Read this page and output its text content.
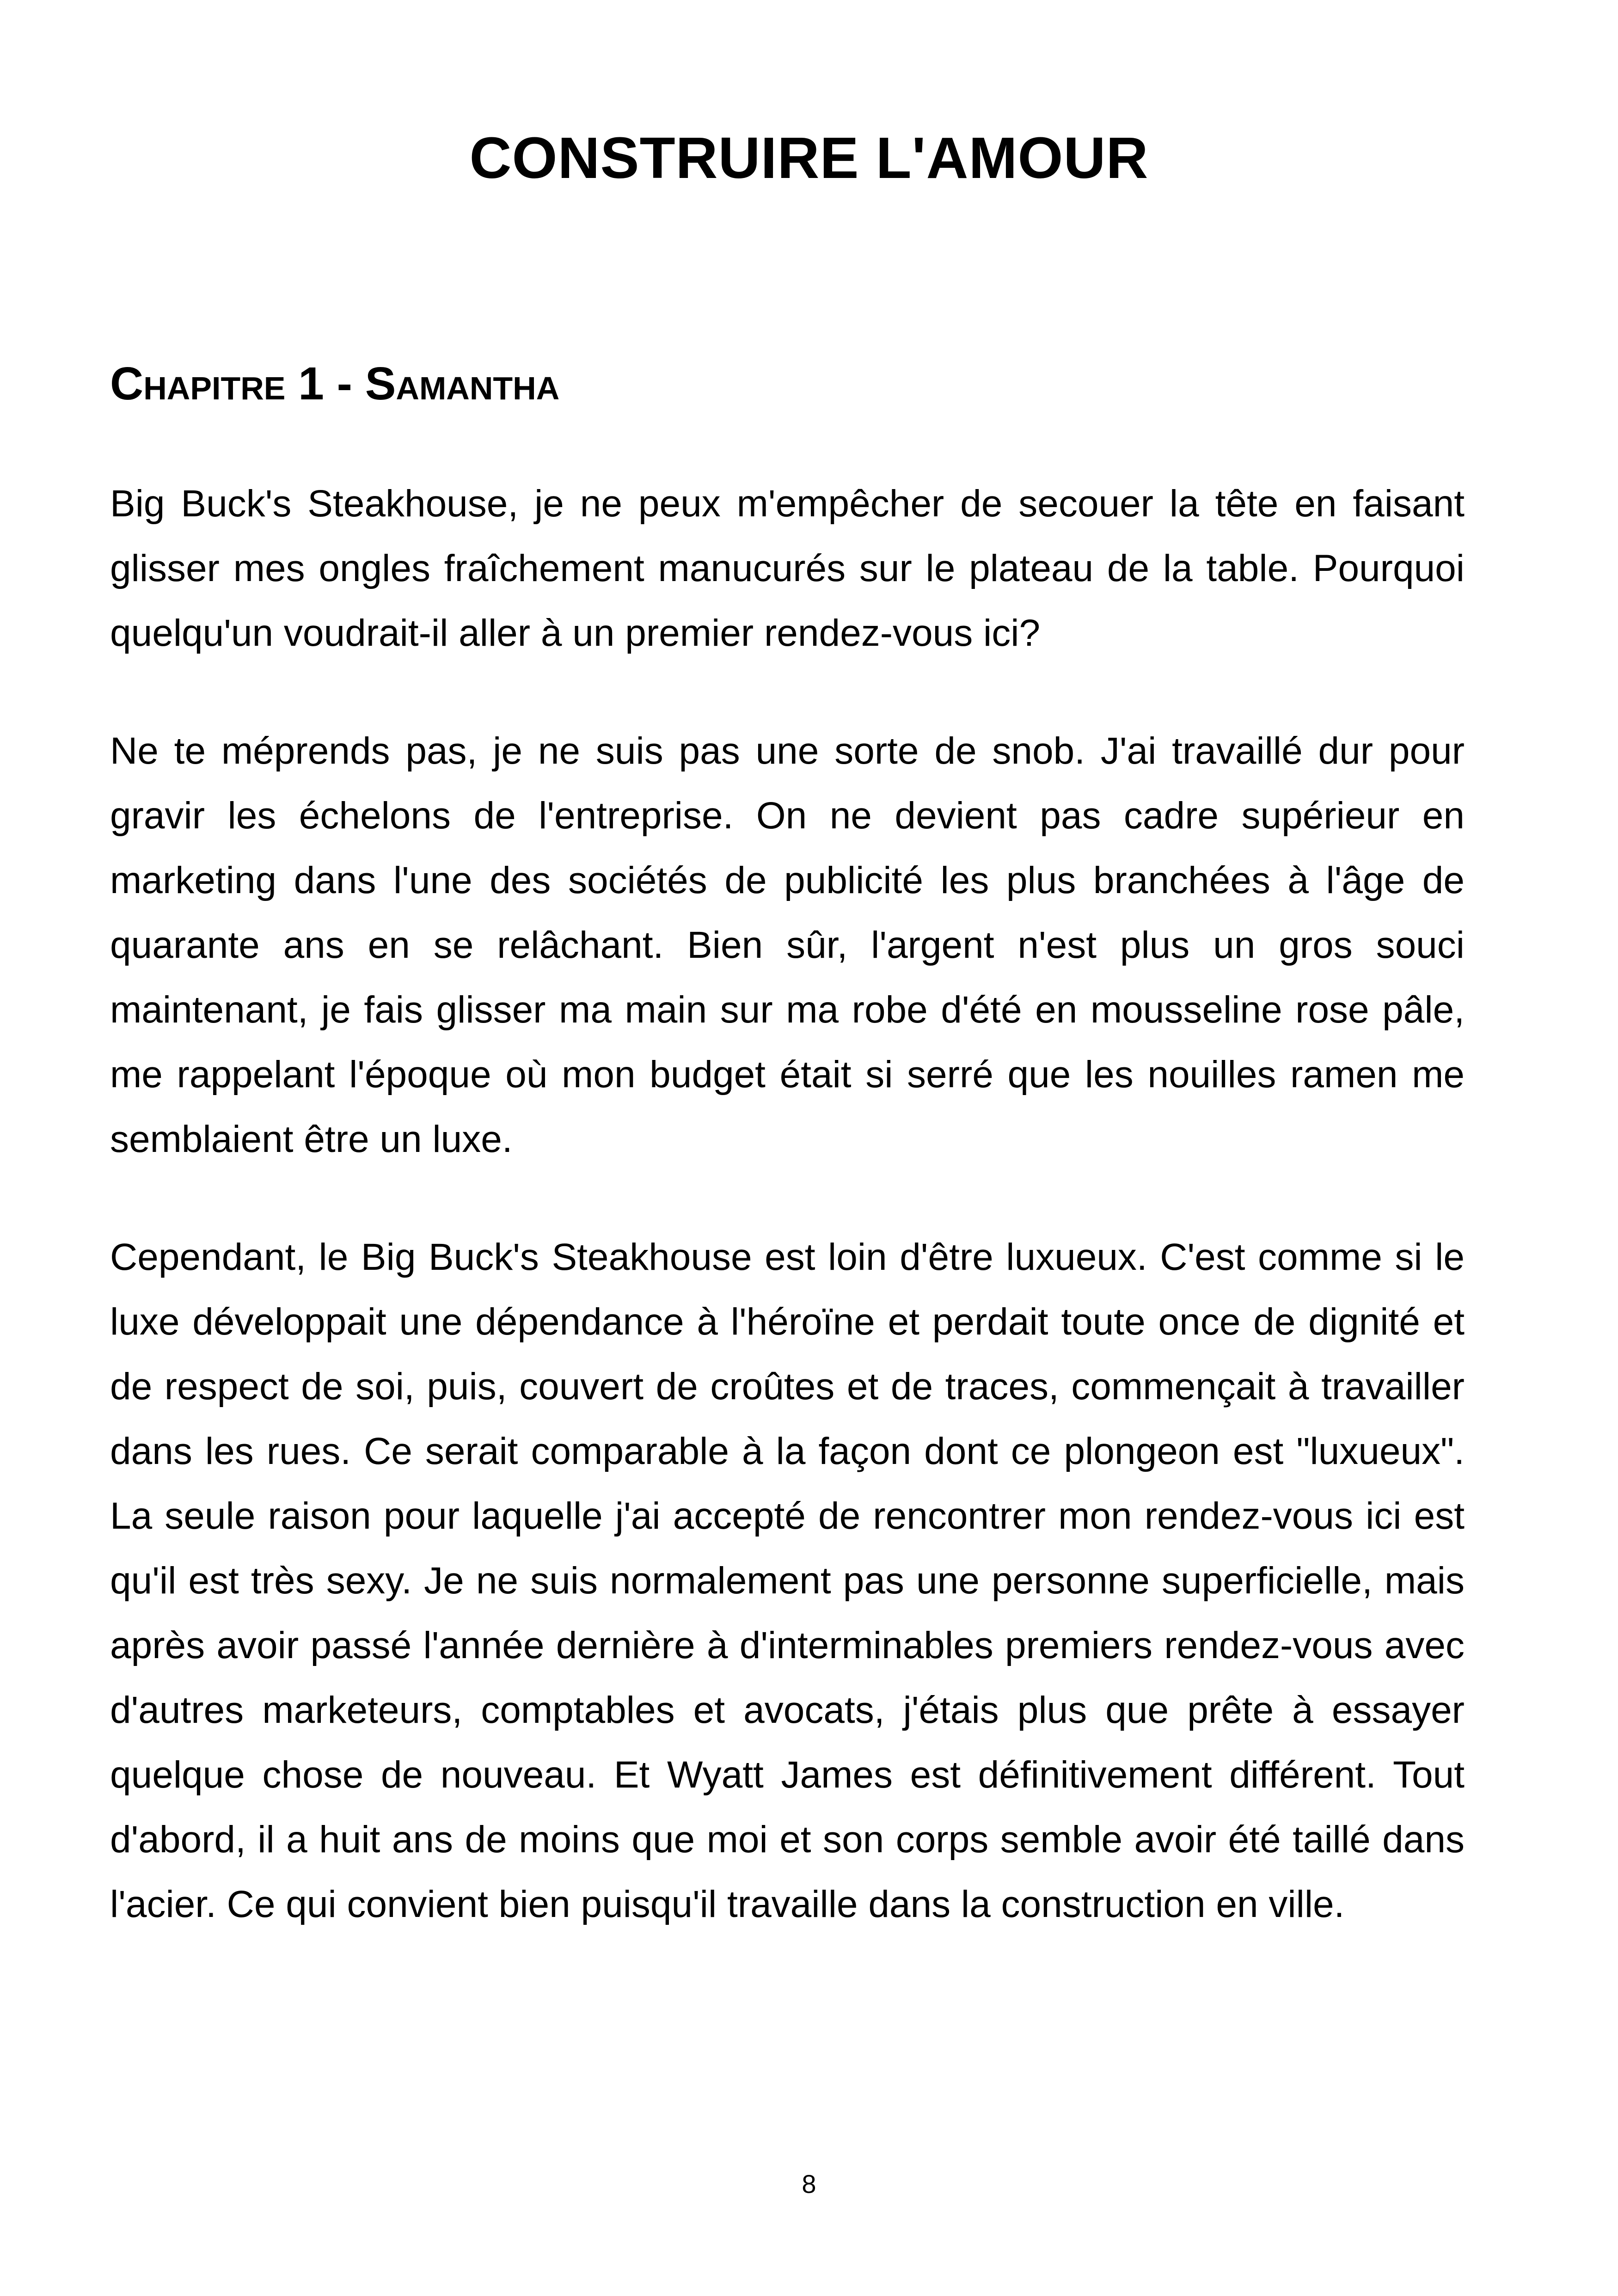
CONSTRUIRE L'AMOUR
Chapitre 1 - Samantha

Big Buck's Steakhouse, je ne peux m'empêcher de secouer la tête en faisant glisser mes ongles fraîchement manucurés sur le plateau de la table. Pourquoi quelqu'un voudrait-il aller à un premier rendez-vous ici?

Ne te méprends pas, je ne suis pas une sorte de snob. J'ai travaillé dur pour gravir les échelons de l'entreprise. On ne devient pas cadre supérieur en marketing dans l'une des sociétés de publicité les plus branchées à l'âge de quarante ans en se relâchant. Bien sûr, l'argent n'est plus un gros souci maintenant, je fais glisser ma main sur ma robe d'été en mousseline rose pâle, me rappelant l'époque où mon budget était si serré que les nouilles ramen me semblaient être un luxe.

Cependant, le Big Buck's Steakhouse est loin d'être luxueux. C'est comme si le luxe développait une dépendance à l'héroïne et perdait toute once de dignité et de respect de soi, puis, couvert de croûtes et de traces, commençait à travailler dans les rues. Ce serait comparable à la façon dont ce plongeon est "luxueux". La seule raison pour laquelle j'ai accepté de rencontrer mon rendez-vous ici est qu'il est très sexy. Je ne suis normalement pas une personne superficielle, mais après avoir passé l'année dernière à d'interminables premiers rendez-vous avec d'autres marketeurs, comptables et avocats, j'étais plus que prête à essayer quelque chose de nouveau. Et Wyatt James est définitivement différent. Tout d'abord, il a huit ans de moins que moi et son corps semble avoir été taillé dans l'acier. Ce qui convient bien puisqu'il travaille dans la construction en ville.

8
